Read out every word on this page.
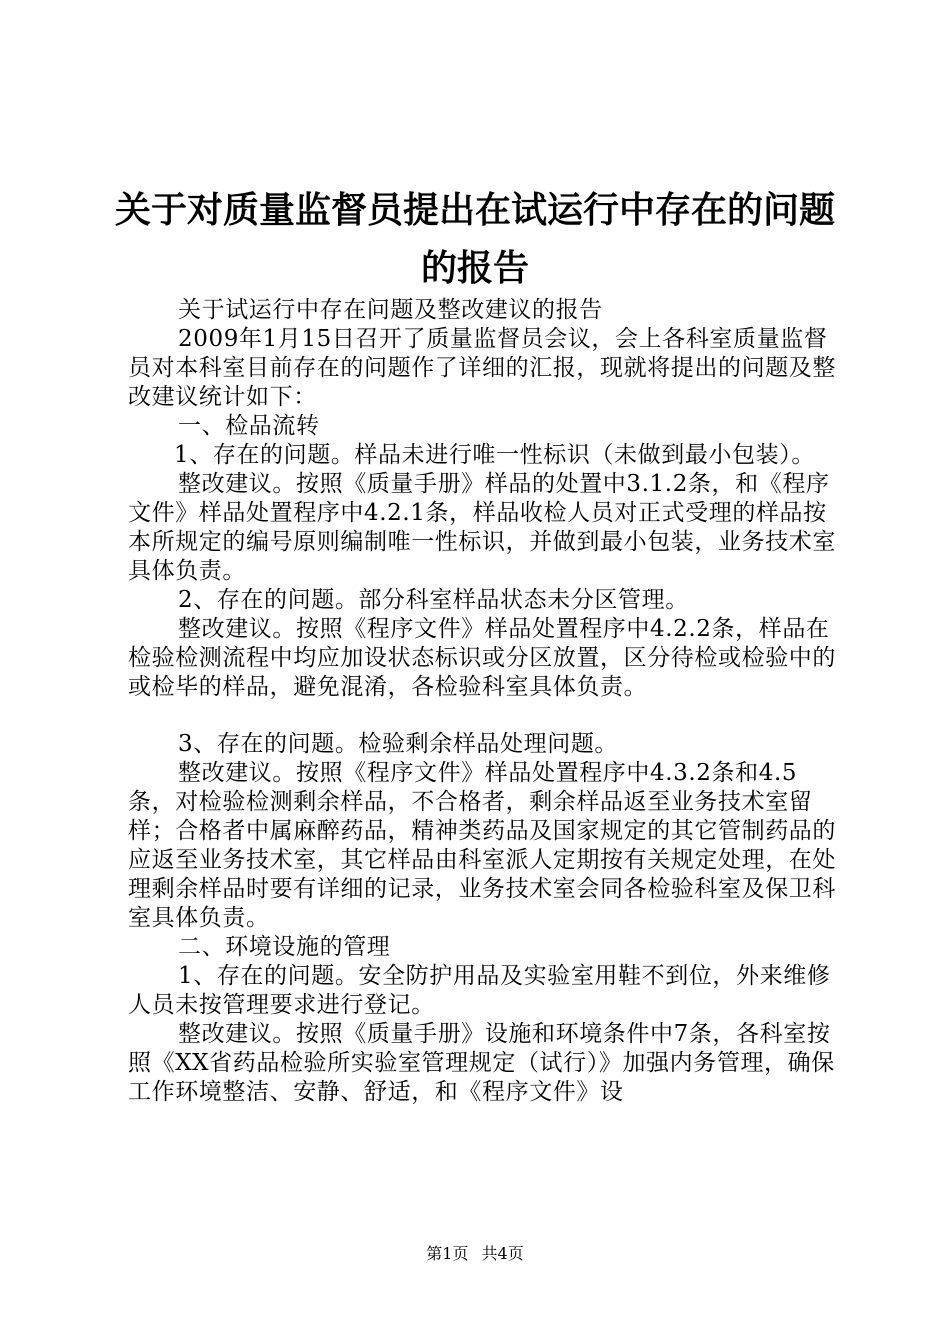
关于对质量监督员提出在试运行中存在的问题
的报告

关于试运行中存在问题及整改建议的报告

2009年1月15日召开了质量监督员会议，会上各科室质量监督员对本科室目前存在的问题作了详细的汇报，现就将提出的问题及整改建议统计如下：

一、检品流转

1、存在的问题。样品未进行唯一性标识（未做到最小包装）。

整改建议。按照《质量手册》样品的处置中3.1.2条，和《程序文件》样品处置程序中4.2.1条，样品收检人员对正式受理的样品按本所规定的编号原则编制唯一性标识，并做到最小包装，业务技术室具体负责。

2、存在的问题。部分科室样品状态未分区管理。

整改建议。按照《程序文件》样品处置程序中4.2.2条，样品在检验检测流程中均应加设状态标识或分区放置，区分待检或检验中的或检毕的样品，避免混淆，各检验科室具体负责。

3、存在的问题。检验剩余样品处理问题。

整改建议。按照《程序文件》样品处置程序中4.3.2条和4.5条，对检验检测剩余样品，不合格者，剩余样品返至业务技术室留样；合格者中属麻醉药品，精神类药品及国家规定的其它管制药品的应返至业务技术室，其它样品由科室派人定期按有关规定处理，在处理剩余样品时要有详细的记录，业务技术室会同各检验科室及保卫科室具体负责。

二、环境设施的管理

1、存在的问题。安全防护用品及实验室用鞋不到位，外来维修人员未按管理要求进行登记。

整改建议。按照《质量手册》设施和环境条件中7条，各科室按照《XX省药品检验所实验室管理规定（试行）》加强内务管理，确保工作环境整洁、安静、舒适，和《程序文件》设

第1页 共4页
